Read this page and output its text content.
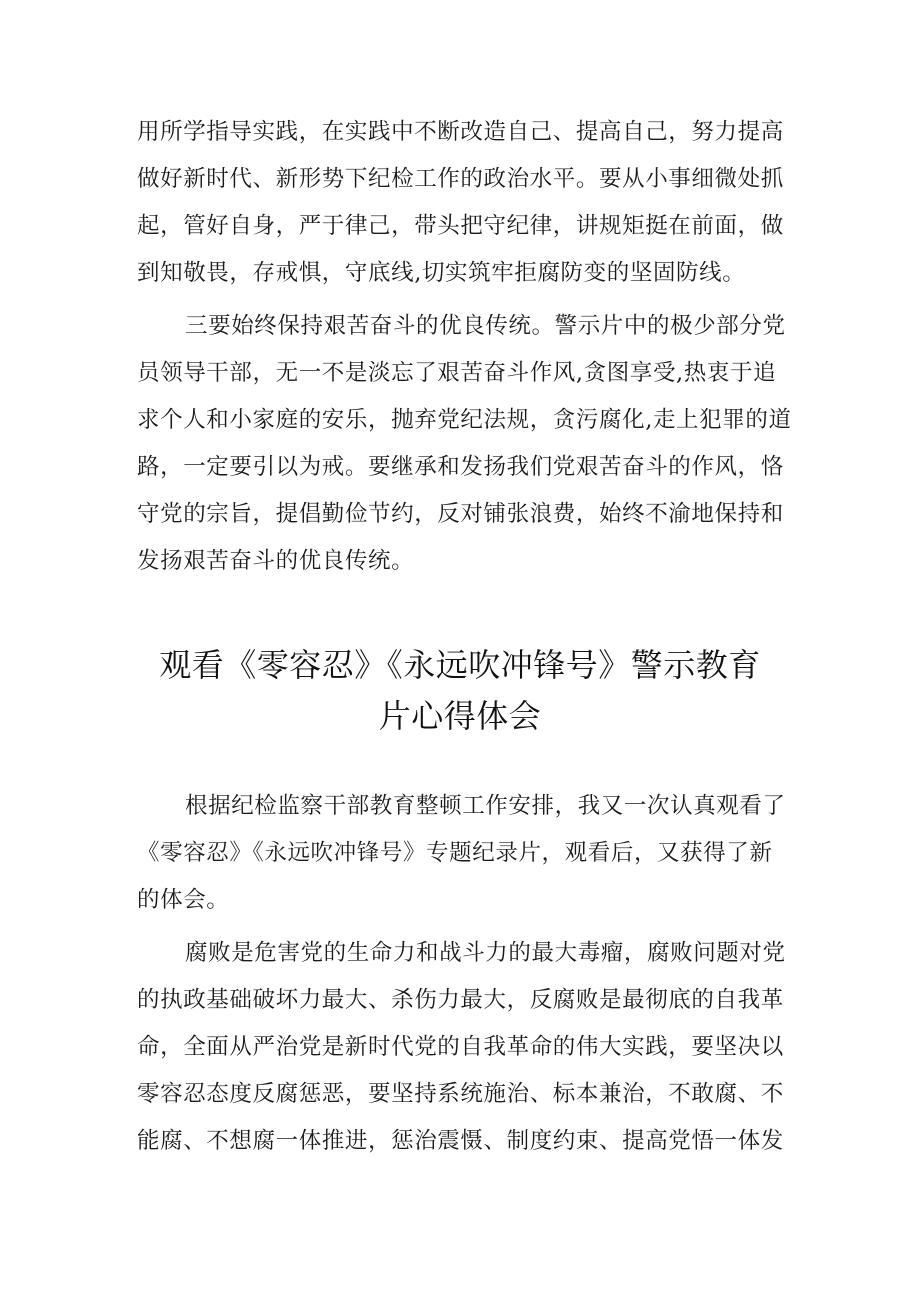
用所学指导实践，在实践中不断改造自己、提高自己，努力提高
做好新时代、新形势下纪检工作的政治水平。要从小事细微处抓
起，管好自身，严于律己，带头把守纪律，讲规矩挺在前面，做
到知敬畏，存戒惧，守底线,切实筑牢拒腐防变的坚固防线。
三要始终保持艰苦奋斗的优良传统。警示片中的极少部分党
员领导干部，无一不是淡忘了艰苦奋斗作风,贪图享受,热衷于追
求个人和小家庭的安乐，抛弃党纪法规，贪污腐化,走上犯罪的道
路，一定要引以为戒。要继承和发扬我们党艰苦奋斗的作风，恪
守党的宗旨，提倡勤俭节约，反对铺张浪费，始终不渝地保持和
发扬艰苦奋斗的优良传统。
观看《零容忍》《永远吹冲锋号》警示教育
片心得体会
根据纪检监察干部教育整顿工作安排，我又一次认真观看了
《零容忍》《永远吹冲锋号》专题纪录片，观看后，又获得了新
的体会。
腐败是危害党的生命力和战斗力的最大毒瘤，腐败问题对党
的执政基础破坏力最大、杀伤力最大，反腐败是最彻底的自我革
命，全面从严治党是新时代党的自我革命的伟大实践，要坚决以
零容忍态度反腐惩恶，要坚持系统施治、标本兼治，不敢腐、不
能腐、不想腐一体推进，惩治震慑、制度约束、提高党悟一体发
